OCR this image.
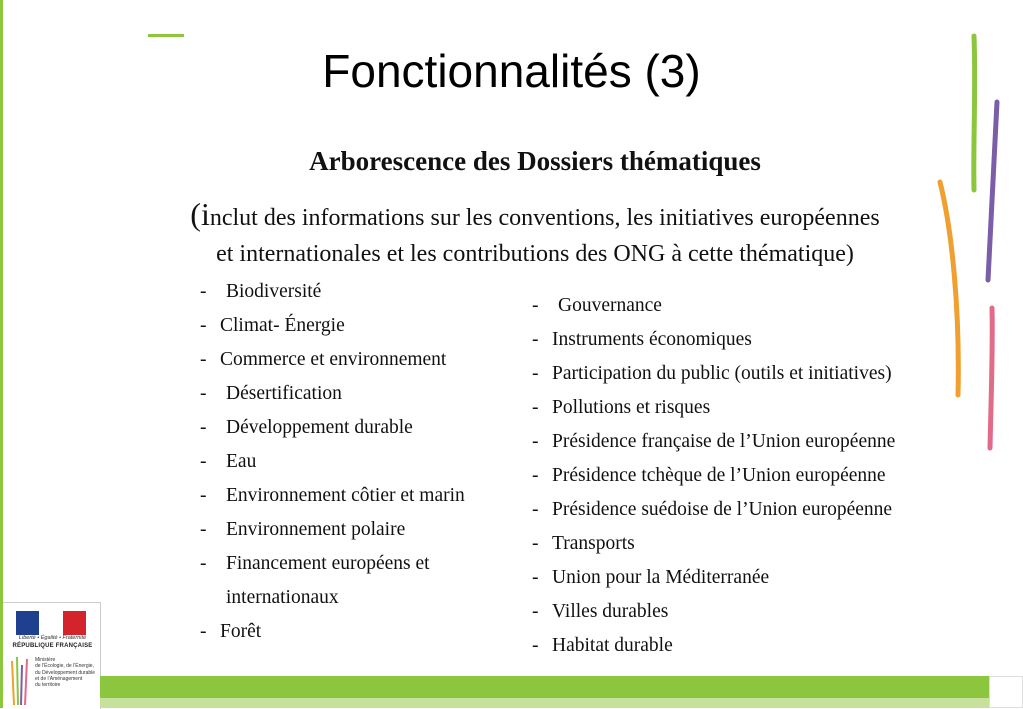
Fonctionnalités (3)
Arborescence des Dossiers thématiques
(inclut des informations sur les conventions, les initiatives européennes
et internationales et les contributions des ONG à cette thématique)
- Biodiversité
- Climat- Énergie
- Commerce et environnement
- Désertification
- Développement durable
- Eau
- Environnement côtier et marin
- Environnement polaire
- Financement européens et
internationaux
- Forêt
- Gouvernance
- Instruments économiques
- Participation du public (outils et initiatives)
- Pollutions et risques
- Présidence française de l’Union européenne
- Présidence tchèque de l’Union européenne
- Présidence suédoise de l’Union européenne
- Transports
- Union pour la Méditerranée
- Villes durables
- Habitat durable
Liberté • Égalité • Fraternité
RÉPUBLIQUE FRANÇAISE
Ministère
de l’Écologie, de l’Énergie,
du Développement durable
et de l’Aménagement
du territoire
